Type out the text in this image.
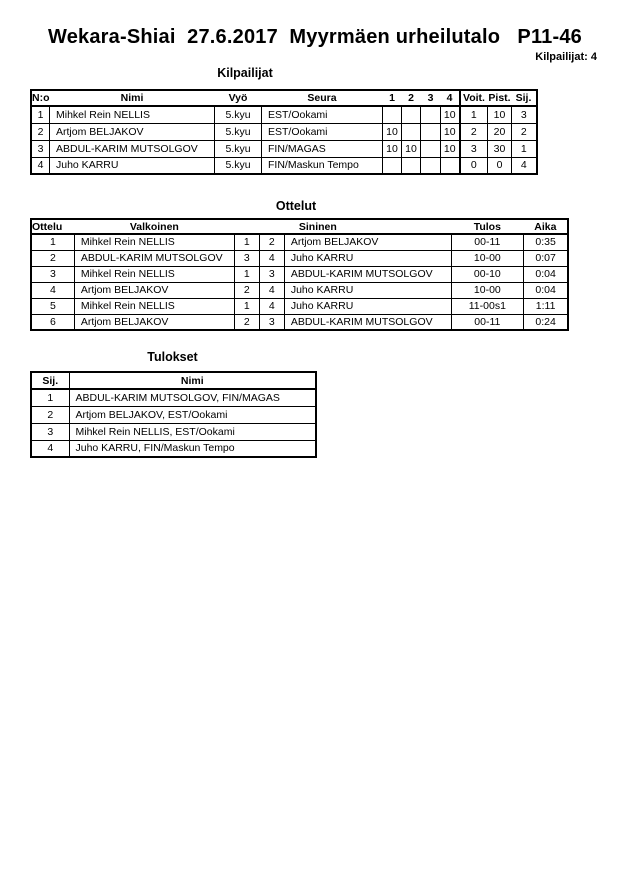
Wekara-Shiai  27.6.2017  Myyrmäen urheilutalo   P11-46
Kilpailijat: 4
Kilpailijat
N:o	Nimi	Vyö	Seura	1	2	3	4	Voit.	Pist.	Sij.
1	Mihkel Rein NELLIS	5.kyu	EST/Ookami				10	1	10	3
2	Artjom BELJAKOV	5.kyu	EST/Ookami	10			10	2	20	2
3	ABDUL-KARIM MUTSOLGOV	5.kyu	FIN/MAGAS	10	10		10	3	30	1
4	Juho KARRU	5.kyu	FIN/Maskun Tempo					0	0	4
Ottelut
Ottelu	Valkoinen			Sininen	Tulos	Aika
1	Mihkel Rein NELLIS	1	2	Artjom BELJAKOV	00-11	0:35
2	ABDUL-KARIM MUTSOLGOV	3	4	Juho KARRU	10-00	0:07
3	Mihkel Rein NELLIS	1	3	ABDUL-KARIM MUTSOLGOV	00-10	0:04
4	Artjom BELJAKOV	2	4	Juho KARRU	10-00	0:04
5	Mihkel Rein NELLIS	1	4	Juho KARRU	11-00s1	1:11
6	Artjom BELJAKOV	2	3	ABDUL-KARIM MUTSOLGOV	00-11	0:24
Tulokset
Sij.	Nimi
1	ABDUL-KARIM MUTSOLGOV, FIN/MAGAS
2	Artjom BELJAKOV, EST/Ookami
3	Mihkel Rein NELLIS, EST/Ookami
4	Juho KARRU, FIN/Maskun Tempo
